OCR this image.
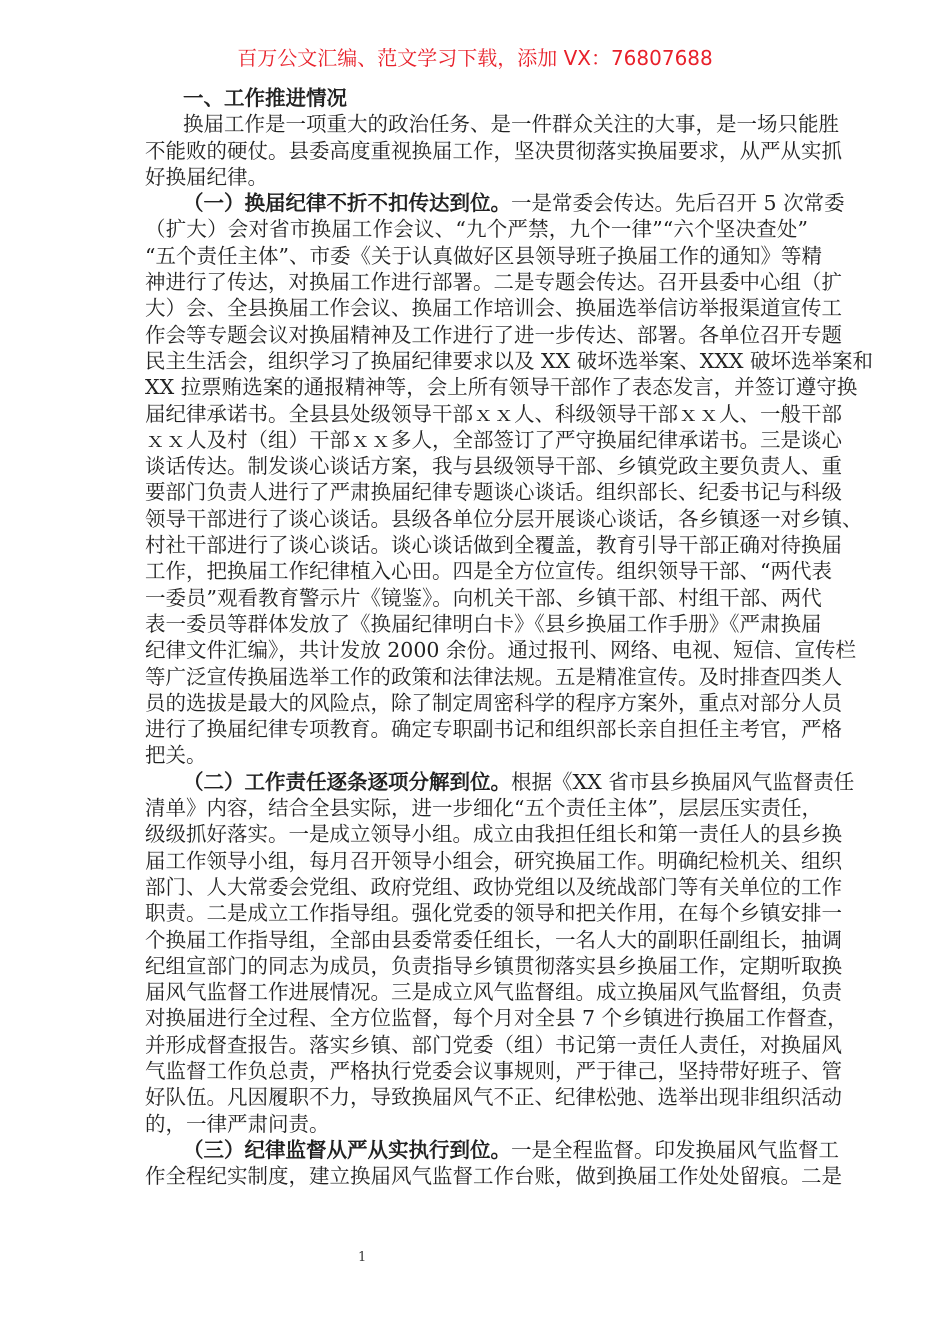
百万公文汇编、范文学习下载，添加 VX：76807688
一、工作推进情况
换届工作是一项重大的政治任务、是一件群众关注的大事，是一场只能胜
不能败的硬仗。县委高度重视换届工作，坚决贯彻落实换届要求，从严从实抓
好换届纪律。
（一）换届纪律不折不扣传达到位。一是常委会传达。先后召开 5 次常委
（扩大）会对省市换届工作会议、“九个严禁，九个一律”“六个坚决查处”
“五个责任主体”、市委《关于认真做好区县领导班子换届工作的通知》等精
神进行了传达，对换届工作进行部署。二是专题会传达。召开县委中心组（扩
大）会、全县换届工作会议、换届工作培训会、换届选举信访举报渠道宣传工
作会等专题会议对换届精神及工作进行了进一步传达、部署。各单位召开专题
民主生活会，组织学习了换届纪律要求以及 XX 破坏选举案、XXX 破坏选举案和
XX 拉票贿选案的通报精神等，会上所有领导干部作了表态发言，并签订遵守换
届纪律承诺书。全县县处级领导干部ｘｘ人、科级领导干部ｘｘ人、一般干部
ｘｘ人及村（组）干部ｘｘ多人，全部签订了严守换届纪律承诺书。三是谈心
谈话传达。制发谈心谈话方案，我与县级领导干部、乡镇党政主要负责人、重
要部门负责人进行了严肃换届纪律专题谈心谈话。组织部长、纪委书记与科级
领导干部进行了谈心谈话。县级各单位分层开展谈心谈话，各乡镇逐一对乡镇、
村社干部进行了谈心谈话。谈心谈话做到全覆盖，教育引导干部正确对待换届
工作，把换届工作纪律植入心田。四是全方位宣传。组织领导干部、“两代表
一委员”观看教育警示片《镜鉴》。向机关干部、乡镇干部、村组干部、两代
表一委员等群体发放了《换届纪律明白卡》《县乡换届工作手册》《严肃换届
纪律文件汇编》，共计发放 2000 余份。通过报刊、网络、电视、短信、宣传栏
等广泛宣传换届选举工作的政策和法律法规。五是精准宣传。及时排查四类人
员的选拔是最大的风险点，除了制定周密科学的程序方案外，重点对部分人员
进行了换届纪律专项教育。确定专职副书记和组织部长亲自担任主考官，严格
把关。
（二）工作责任逐条逐项分解到位。根据《XX 省市县乡换届风气监督责任
清单》内容，结合全县实际，进一步细化“五个责任主体”，层层压实责任，
级级抓好落实。一是成立领导小组。成立由我担任组长和第一责任人的县乡换
届工作领导小组，每月召开领导小组会，研究换届工作。明确纪检机关、组织
部门、人大常委会党组、政府党组、政协党组以及统战部门等有关单位的工作
职责。二是成立工作指导组。强化党委的领导和把关作用，在每个乡镇安排一
个换届工作指导组，全部由县委常委任组长，一名人大的副职任副组长，抽调
纪组宣部门的同志为成员，负责指导乡镇贯彻落实县乡换届工作，定期听取换
届风气监督工作进展情况。三是成立风气监督组。成立换届风气监督组，负责
对换届进行全过程、全方位监督，每个月对全县 7 个乡镇进行换届工作督查，
并形成督查报告。落实乡镇、部门党委（组）书记第一责任人责任，对换届风
气监督工作负总责，严格执行党委会议事规则，严于律己，坚持带好班子、管
好队伍。凡因履职不力，导致换届风气不正、纪律松弛、选举出现非组织活动
的，一律严肃问责。
（三）纪律监督从严从实执行到位。一是全程监督。印发换届风气监督工
作全程纪实制度，建立换届风气监督工作台账，做到换届工作处处留痕。二是
1
